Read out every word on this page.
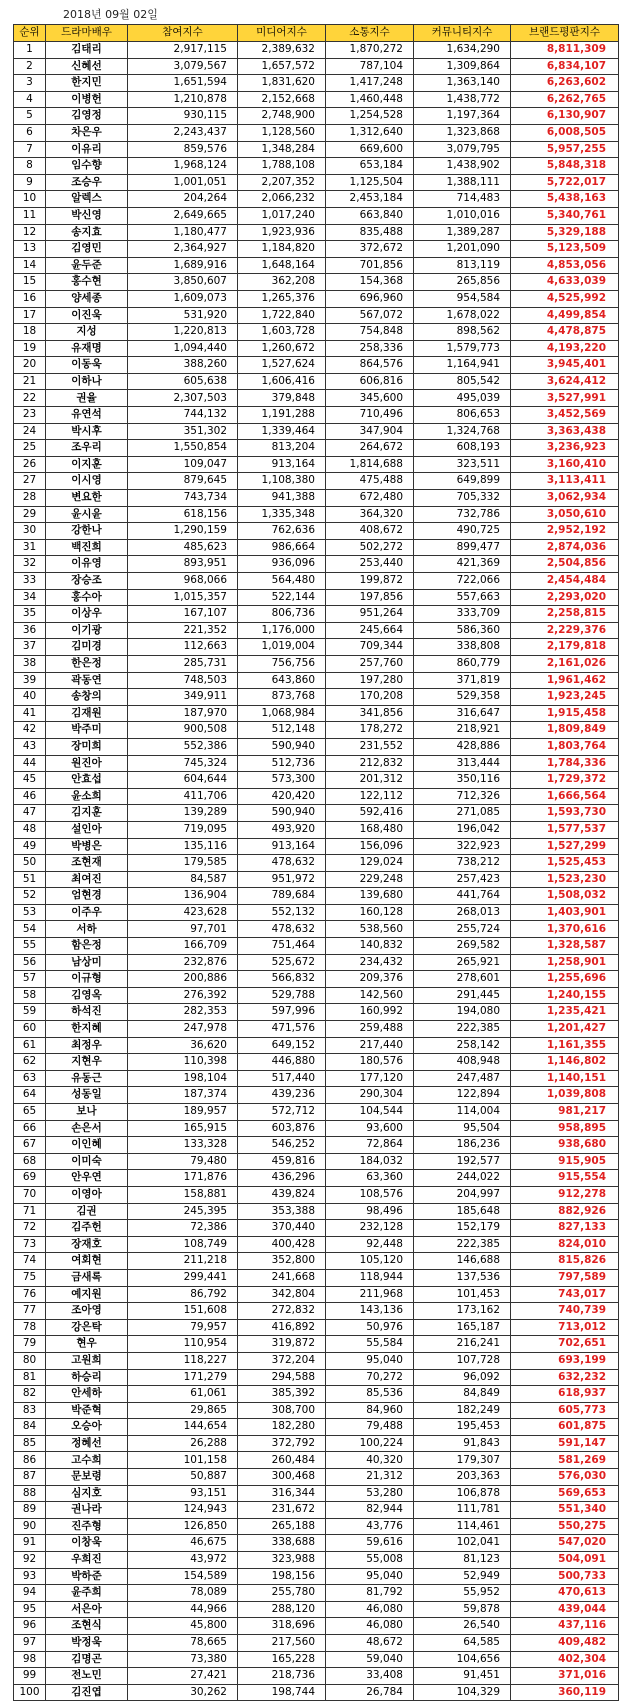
2018년 09월 02일
순위	드라마배우	참여지수	미디어지수	소통지수	커뮤니티지수	브랜드평판지수
1	김태리	2,917,115	2,389,632	1,870,272	1,634,290	8,811,309
2	신혜선	3,079,567	1,657,572	787,104	1,309,864	6,834,107
3	한지민	1,651,594	1,831,620	1,417,248	1,363,140	6,263,602
4	이병헌	1,210,878	2,152,668	1,460,448	1,438,772	6,262,765
5	김영정	930,115	2,748,900	1,254,528	1,197,364	6,130,907
6	차은우	2,243,437	1,128,560	1,312,640	1,323,868	6,008,505
7	이유리	859,576	1,348,284	669,600	3,079,795	5,957,255
8	임수향	1,968,124	1,788,108	653,184	1,438,902	5,848,318
9	조승우	1,001,051	2,207,352	1,125,504	1,388,111	5,722,017
10	알렉스	204,264	2,066,232	2,453,184	714,483	5,438,163
11	박신영	2,649,665	1,017,240	663,840	1,010,016	5,340,761
12	송지효	1,180,477	1,923,936	835,488	1,389,287	5,329,188
13	김영민	2,364,927	1,184,820	372,672	1,201,090	5,123,509
14	윤두준	1,689,916	1,648,164	701,856	813,119	4,853,056
15	홍수현	3,850,607	362,208	154,368	265,856	4,633,039
16	양세종	1,609,073	1,265,376	696,960	954,584	4,525,992
17	이진욱	531,920	1,722,840	567,072	1,678,022	4,499,854
18	지성	1,220,813	1,603,728	754,848	898,562	4,478,875
19	유재명	1,094,440	1,260,672	258,336	1,579,773	4,193,220
20	이동욱	388,260	1,527,624	864,576	1,164,941	3,945,401
21	이하나	605,638	1,606,416	606,816	805,542	3,624,412
22	권율	2,307,503	379,848	345,600	495,039	3,527,991
23	유연석	744,132	1,191,288	710,496	806,653	3,452,569
24	박시후	351,302	1,339,464	347,904	1,324,768	3,363,438
25	조우리	1,550,854	813,204	264,672	608,193	3,236,923
26	이지훈	109,047	913,164	1,814,688	323,511	3,160,410
27	이시영	879,645	1,108,380	475,488	649,899	3,113,411
28	변요한	743,734	941,388	672,480	705,332	3,062,934
29	윤시윤	618,156	1,335,348	364,320	732,786	3,050,610
30	강한나	1,290,159	762,636	408,672	490,725	2,952,192
31	백진희	485,623	986,664	502,272	899,477	2,874,036
32	이유영	893,951	936,096	253,440	421,369	2,504,856
33	장승조	968,066	564,480	199,872	722,066	2,454,484
34	홍수아	1,015,357	522,144	197,856	557,663	2,293,020
35	이상우	167,107	806,736	951,264	333,709	2,258,815
36	이기광	221,352	1,176,000	245,664	586,360	2,229,376
37	김미경	112,663	1,019,004	709,344	338,808	2,179,818
38	한은정	285,731	756,756	257,760	860,779	2,161,026
39	곽동연	748,503	643,860	197,280	371,819	1,961,462
40	송창의	349,911	873,768	170,208	529,358	1,923,245
41	김재원	187,970	1,068,984	341,856	316,647	1,915,458
42	박주미	900,508	512,148	178,272	218,921	1,809,849
43	장미희	552,386	590,940	231,552	428,886	1,803,764
44	원진아	745,324	512,736	212,832	313,444	1,784,336
45	안효섭	604,644	573,300	201,312	350,116	1,729,372
46	윤소희	411,706	420,420	122,112	712,326	1,666,564
47	김지훈	139,289	590,940	592,416	271,085	1,593,730
48	설인아	719,095	493,920	168,480	196,042	1,577,537
49	박병은	135,116	913,164	156,096	322,923	1,527,299
50	조현재	179,585	478,632	129,024	738,212	1,525,453
51	최여진	84,587	951,972	229,248	257,423	1,523,230
52	엄현경	136,904	789,684	139,680	441,764	1,508,032
53	이주우	423,628	552,132	160,128	268,013	1,403,901
54	서하	97,701	478,632	538,560	255,724	1,370,616
55	함은정	166,709	751,464	140,832	269,582	1,328,587
56	남상미	232,876	525,672	234,432	265,921	1,258,901
57	이규형	200,886	566,832	209,376	278,601	1,255,696
58	김영옥	276,392	529,788	142,560	291,445	1,240,155
59	하석진	282,353	597,996	160,992	194,080	1,235,421
60	한지혜	247,978	471,576	259,488	222,385	1,201,427
61	최정우	36,620	649,152	217,440	258,142	1,161,355
62	지현우	110,398	446,880	180,576	408,948	1,146,802
63	유동근	198,104	517,440	177,120	247,487	1,140,151
64	성동일	187,374	439,236	290,304	122,894	1,039,808
65	보나	189,957	572,712	104,544	114,004	981,217
66	손은서	165,915	603,876	93,600	95,504	958,895
67	이인혜	133,328	546,252	72,864	186,236	938,680
68	이미숙	79,480	459,816	184,032	192,577	915,905
69	안우연	171,876	436,296	63,360	244,022	915,554
70	이영아	158,881	439,824	108,576	204,997	912,278
71	김권	245,395	353,388	98,496	185,648	882,926
72	김주헌	72,386	370,440	232,128	152,179	827,133
73	장재호	108,749	400,428	92,448	222,385	824,010
74	여회현	211,218	352,800	105,120	146,688	815,826
75	금새록	299,441	241,668	118,944	137,536	797,589
76	예지원	86,792	342,804	211,968	101,453	743,017
77	조아영	151,608	272,832	143,136	173,162	740,739
78	강은탁	79,957	416,892	50,976	165,187	713,012
79	현우	110,954	319,872	55,584	216,241	702,651
80	고원희	118,227	372,204	95,040	107,728	693,199
81	하승리	171,279	294,588	70,272	96,092	632,232
82	안세하	61,061	385,392	85,536	84,849	618,937
83	박준혁	29,865	308,700	84,960	182,249	605,773
84	오승아	144,654	182,280	79,488	195,453	601,875
85	정혜선	26,288	372,792	100,224	91,843	591,147
86	고수희	101,158	260,484	40,320	179,307	581,269
87	문보령	50,887	300,468	21,312	203,363	576,030
88	심지호	93,151	316,344	53,280	106,878	569,653
89	권나라	124,943	231,672	82,944	111,781	551,340
90	진주형	126,850	265,188	43,776	114,461	550,275
91	이창욱	46,675	338,688	59,616	102,041	547,020
92	우희진	43,972	323,988	55,008	81,123	504,091
93	박하준	154,589	198,156	95,040	52,949	500,733
94	윤주희	78,089	255,780	81,792	55,952	470,613
95	서은아	44,966	288,120	46,080	59,878	439,044
96	조현식	45,800	318,696	46,080	26,540	437,116
97	박정욱	78,665	217,560	48,672	64,585	409,482
98	김명곤	73,380	165,228	59,040	104,656	402,304
99	전노민	27,421	218,736	33,408	91,451	371,016
100	김진엽	30,262	198,744	26,784	104,329	360,119
